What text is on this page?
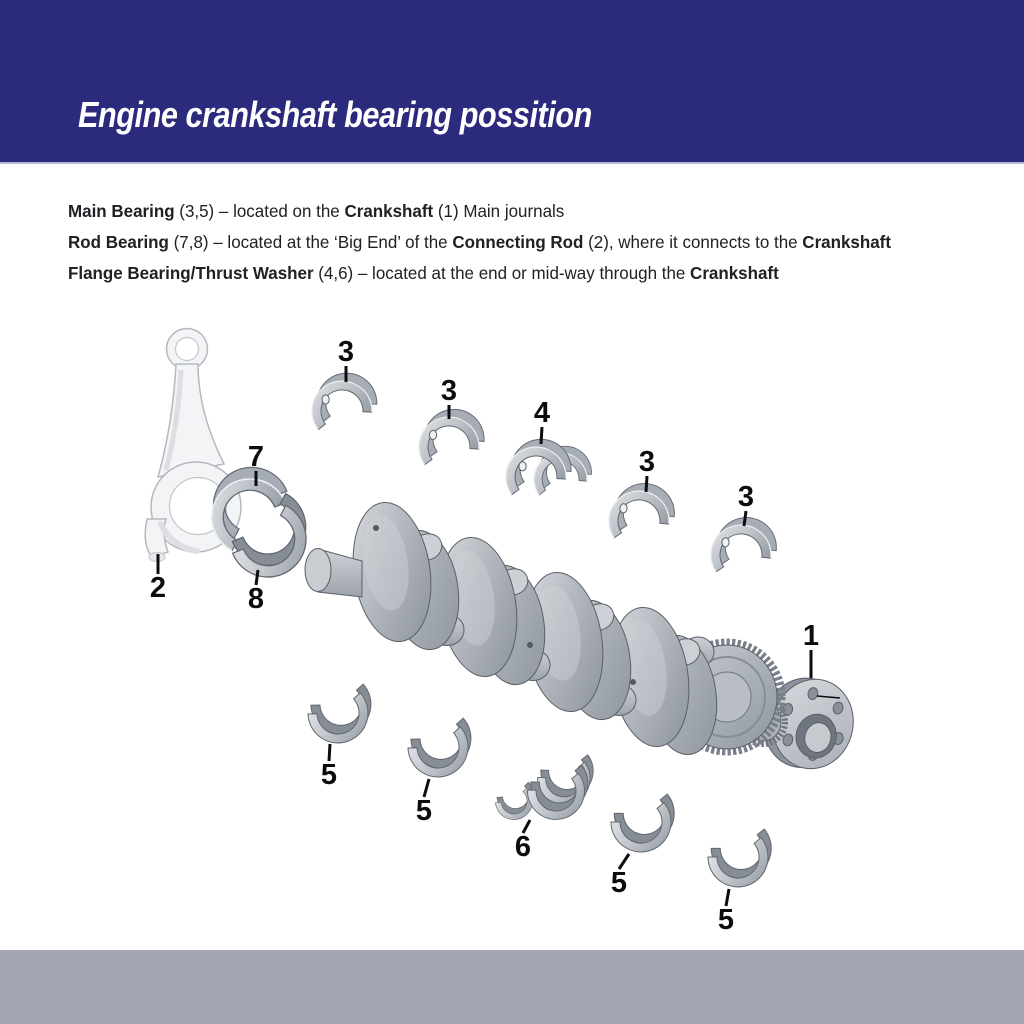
Engine crankshaft bearing possition
Main Bearing (3,5) – located on the Crankshaft (1) Main journals
Rod Bearing (7,8) – located at the ‘Big End’ of the Connecting Rod (2), where it connects to the Crankshaft
Flange Bearing/Thrust Washer (4,6) – located at the end or mid-way through the Crankshaft
1
2
3
3
3
3
4
5
5
5
5
6
7
8
